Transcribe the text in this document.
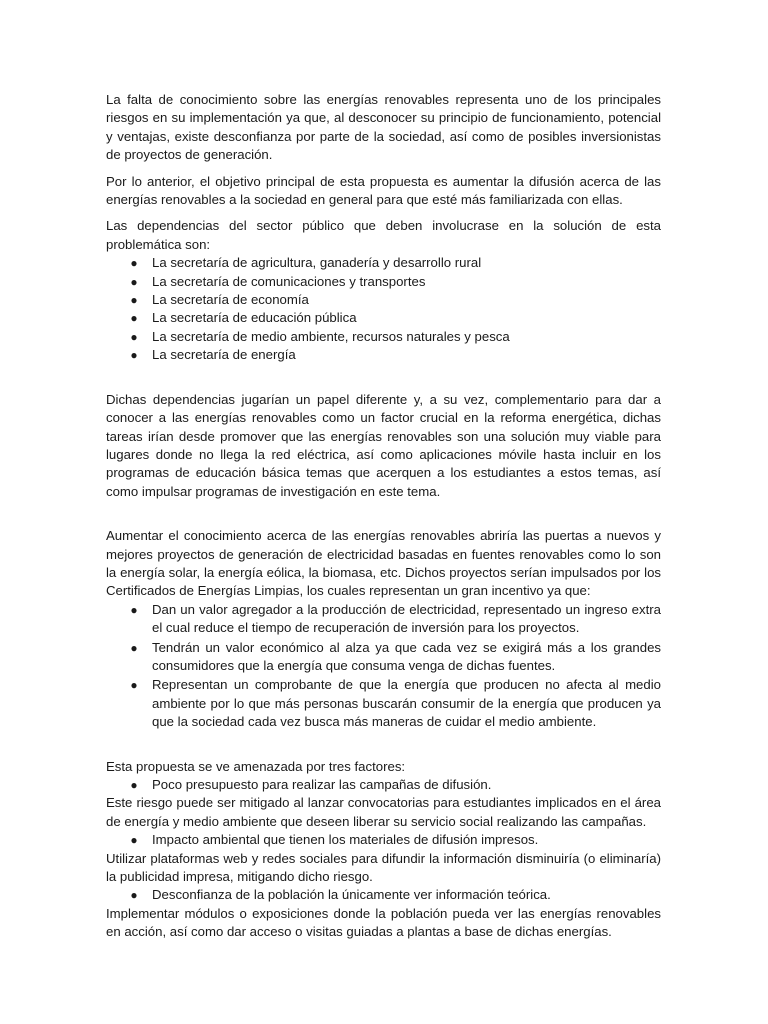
La falta de conocimiento sobre las energías renovables representa uno de los principales riesgos en su implementación ya que, al desconocer su principio de funcionamiento, potencial y ventajas, existe desconfianza por parte de la sociedad, así como de posibles inversionistas de proyectos de generación.

Por lo anterior, el objetivo principal de esta propuesta es aumentar la difusión acerca de las energías renovables a la sociedad en general para que esté más familiarizada con ellas.

Las dependencias del sector público que deben involucrase en la solución de esta problemática son:

● La secretaría de agricultura, ganadería y desarrollo rural
● La secretaría de comunicaciones y transportes
● La secretaría de economía
● La secretaría de educación pública
● La secretaría de medio ambiente, recursos naturales y pesca
● La secretaría de energía

Dichas dependencias jugarían un papel diferente y, a su vez, complementario para dar a conocer a las energías renovables como un factor crucial en la reforma energética, dichas tareas irían desde promover que las energías renovables son una solución muy viable para lugares donde no llega la red eléctrica, así como aplicaciones móvile hasta incluir en los programas de educación básica temas que acerquen a los estudiantes a estos temas, así como impulsar programas de investigación en este tema.

Aumentar el conocimiento acerca de las energías renovables abriría las puertas a nuevos y mejores proyectos de generación de electricidad basadas en fuentes renovables como lo son la energía solar, la energía eólica, la biomasa, etc. Dichos proyectos serían impulsados por los Certificados de Energías Limpias, los cuales representan un gran incentivo ya que:

● Dan un valor agregador a la producción de electricidad, representado un ingreso extra el cual reduce el tiempo de recuperación de inversión para los proyectos.
● Tendrán un valor económico al alza ya que cada vez se exigirá más a los grandes consumidores que la energía que consuma venga de dichas fuentes.
● Representan un comprobante de que la energía que producen no afecta al medio ambiente por lo que más personas buscarán consumir de la energía que producen ya que la sociedad cada vez busca más maneras de cuidar el medio ambiente.

Esta propuesta se ve amenazada por tres factores:

● Poco presupuesto para realizar las campañas de difusión.

Este riesgo puede ser mitigado al lanzar convocatorias para estudiantes implicados en el área de energía y medio ambiente que deseen liberar su servicio social realizando las campañas.

● Impacto ambiental que tienen los materiales de difusión impresos.

Utilizar plataformas web y redes sociales para difundir la información disminuiría (o eliminaría) la publicidad impresa, mitigando dicho riesgo.

● Desconfianza de la población la únicamente ver información teórica.

Implementar módulos o exposiciones donde la población pueda ver las energías renovables en acción, así como dar acceso o visitas guiadas a plantas a base de dichas energías.
